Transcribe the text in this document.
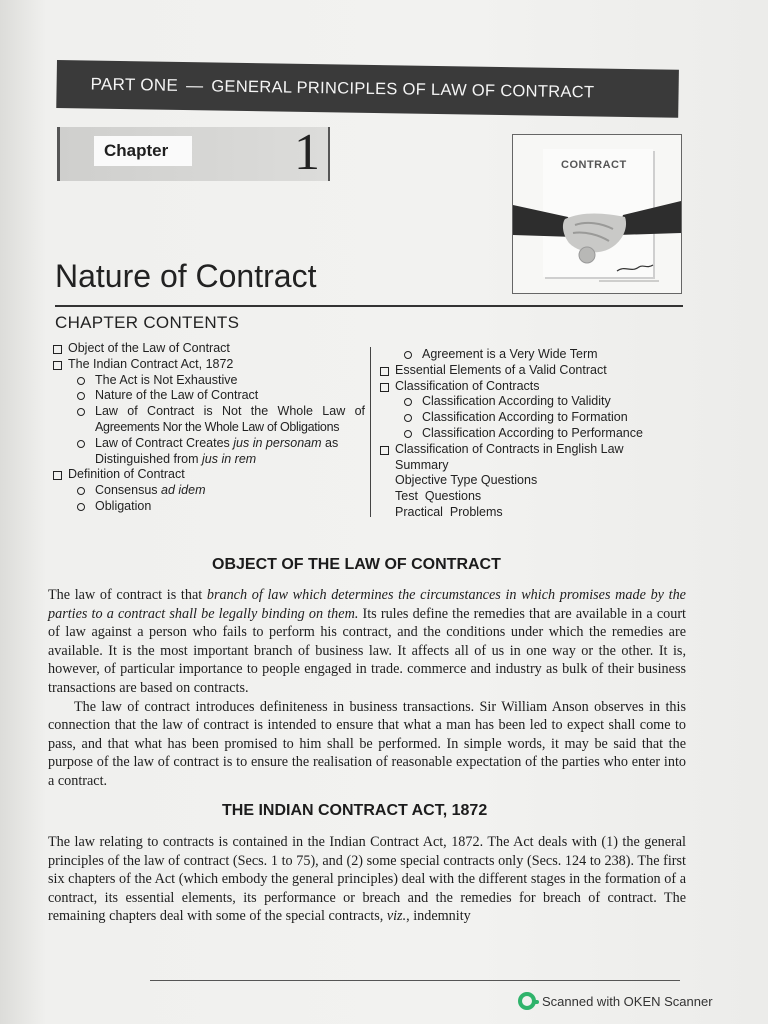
PART ONE — GENERAL PRINCIPLES OF LAW OF CONTRACT
Chapter	1	CONTRACT
Nature of Contract
CHAPTER CONTENTS
Object of the Law of Contract
The Indian Contract Act, 1872
The Act is Not Exhaustive
Nature of the Law of Contract
Law of Contract is Not the Whole Law of
Agreements Nor the Whole Law of Obligations
Law of Contract Creates jus in personam as
Distinguished from jus in rem
Definition of Contract
Consensus ad idem
Obligation
Agreement is a Very Wide Term
Essential Elements of a Valid Contract
Classification of Contracts
Classification According to Validity
Classification According to Formation
Classification According to Performance
Classification of Contracts in English Law
Summary
Objective Type Questions
Test  Questions
Practical  Problems
OBJECT OF THE LAW OF CONTRACT

The law of contract is that branch of law which determines the circumstances in which promises made by the parties to a contract shall be legally binding on them. Its rules define the remedies that are available in a court of law against a person who fails to perform his contract, and the conditions under which the remedies are available. It is the most important branch of business law. It affects all of us in one way or the other. It is, however, of particular importance to people engaged in trade. commerce and industry as bulk of their business transactions are based on contracts.

The law of contract introduces definiteness in business transactions. Sir William Anson observes in this connection that the law of contract is intended to ensure that what a man has been led to expect shall come to pass, and that what has been promised to him shall be performed. In simple words, it may be said that the purpose of the law of contract is to ensure the realisation of reasonable expectation of the parties who enter into a contract.

THE INDIAN CONTRACT ACT, 1872

The law relating to contracts is contained in the Indian Contract Act, 1872. The Act deals with (1) the general principles of the law of contract (Secs. 1 to 75), and (2) some special contracts only (Secs. 124 to 238). The first six chapters of the Act (which embody the general principles) deal with the different stages in the formation of a contract, its essential elements, its performance or breach and the remedies for breach of contract. The remaining chapters deal with some of the special contracts, viz., indemnity

Scanned with OKEN Scanner
